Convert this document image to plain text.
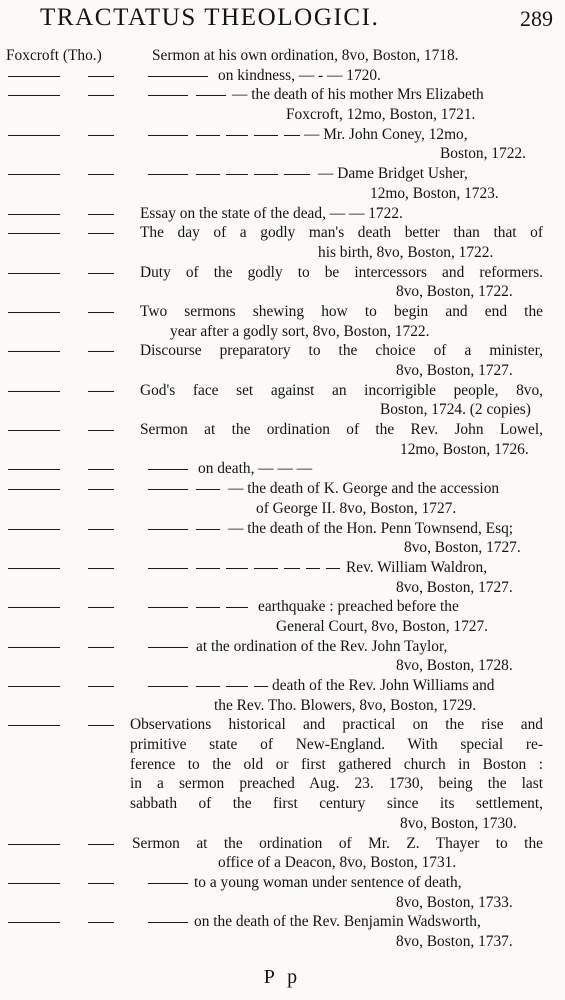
TRACTATUS THEOLOGICI.	289
Foxcroft (Tho.)	Sermon at his own ordination, 8vo, Boston, 1718.
on kindness, — - — 1720.
— the death of his mother Mrs Elizabeth
Foxcroft, 12mo, Boston, 1721.
— Mr. John Coney, 12mo,
Boston, 1722.
— Dame Bridget Usher,
12mo, Boston, 1723.
Essay on the state of the dead, — — 1722.
The day of a godly man's death better than that of
his birth, 8vo, Boston, 1722.
Duty of the godly to be intercessors and reformers.
8vo, Boston, 1722.
Two sermons shewing how to begin and end the
year after a godly sort, 8vo, Boston, 1722.
Discourse preparatory to the choice of a minister,
8vo, Boston, 1727.
God's face set against an incorrigible people, 8vo,
Boston, 1724. (2 copies)
Sermon at the ordination of the Rev. John Lowel,
12mo, Boston, 1726.
on death, — — —
— the death of K. George and the accession
of George II. 8vo, Boston, 1727.
— the death of the Hon. Penn Townsend, Esq;
8vo, Boston, 1727.
Rev. William Waldron,
8vo, Boston, 1727.
earthquake : preached before the
General Court, 8vo, Boston, 1727.
at the ordination of the Rev. John Taylor,
8vo, Boston, 1728.
death of the Rev. John Williams and
the Rev. Tho. Blowers, 8vo, Boston, 1729.
Observations historical and practical on the rise and
primitive state of New-England. With special re-
ference to the old or first gathered church in Boston :
in a sermon preached Aug. 23. 1730, being the last
sabbath of the first century since its settlement,
8vo, Boston, 1730.
Sermon at the ordination of Mr. Z. Thayer to the
office of a Deacon, 8vo, Boston, 1731.
to a young woman under sentence of death,
8vo, Boston, 1733.
on the death of the Rev. Benjamin Wadsworth,
8vo, Boston, 1737.
P p
